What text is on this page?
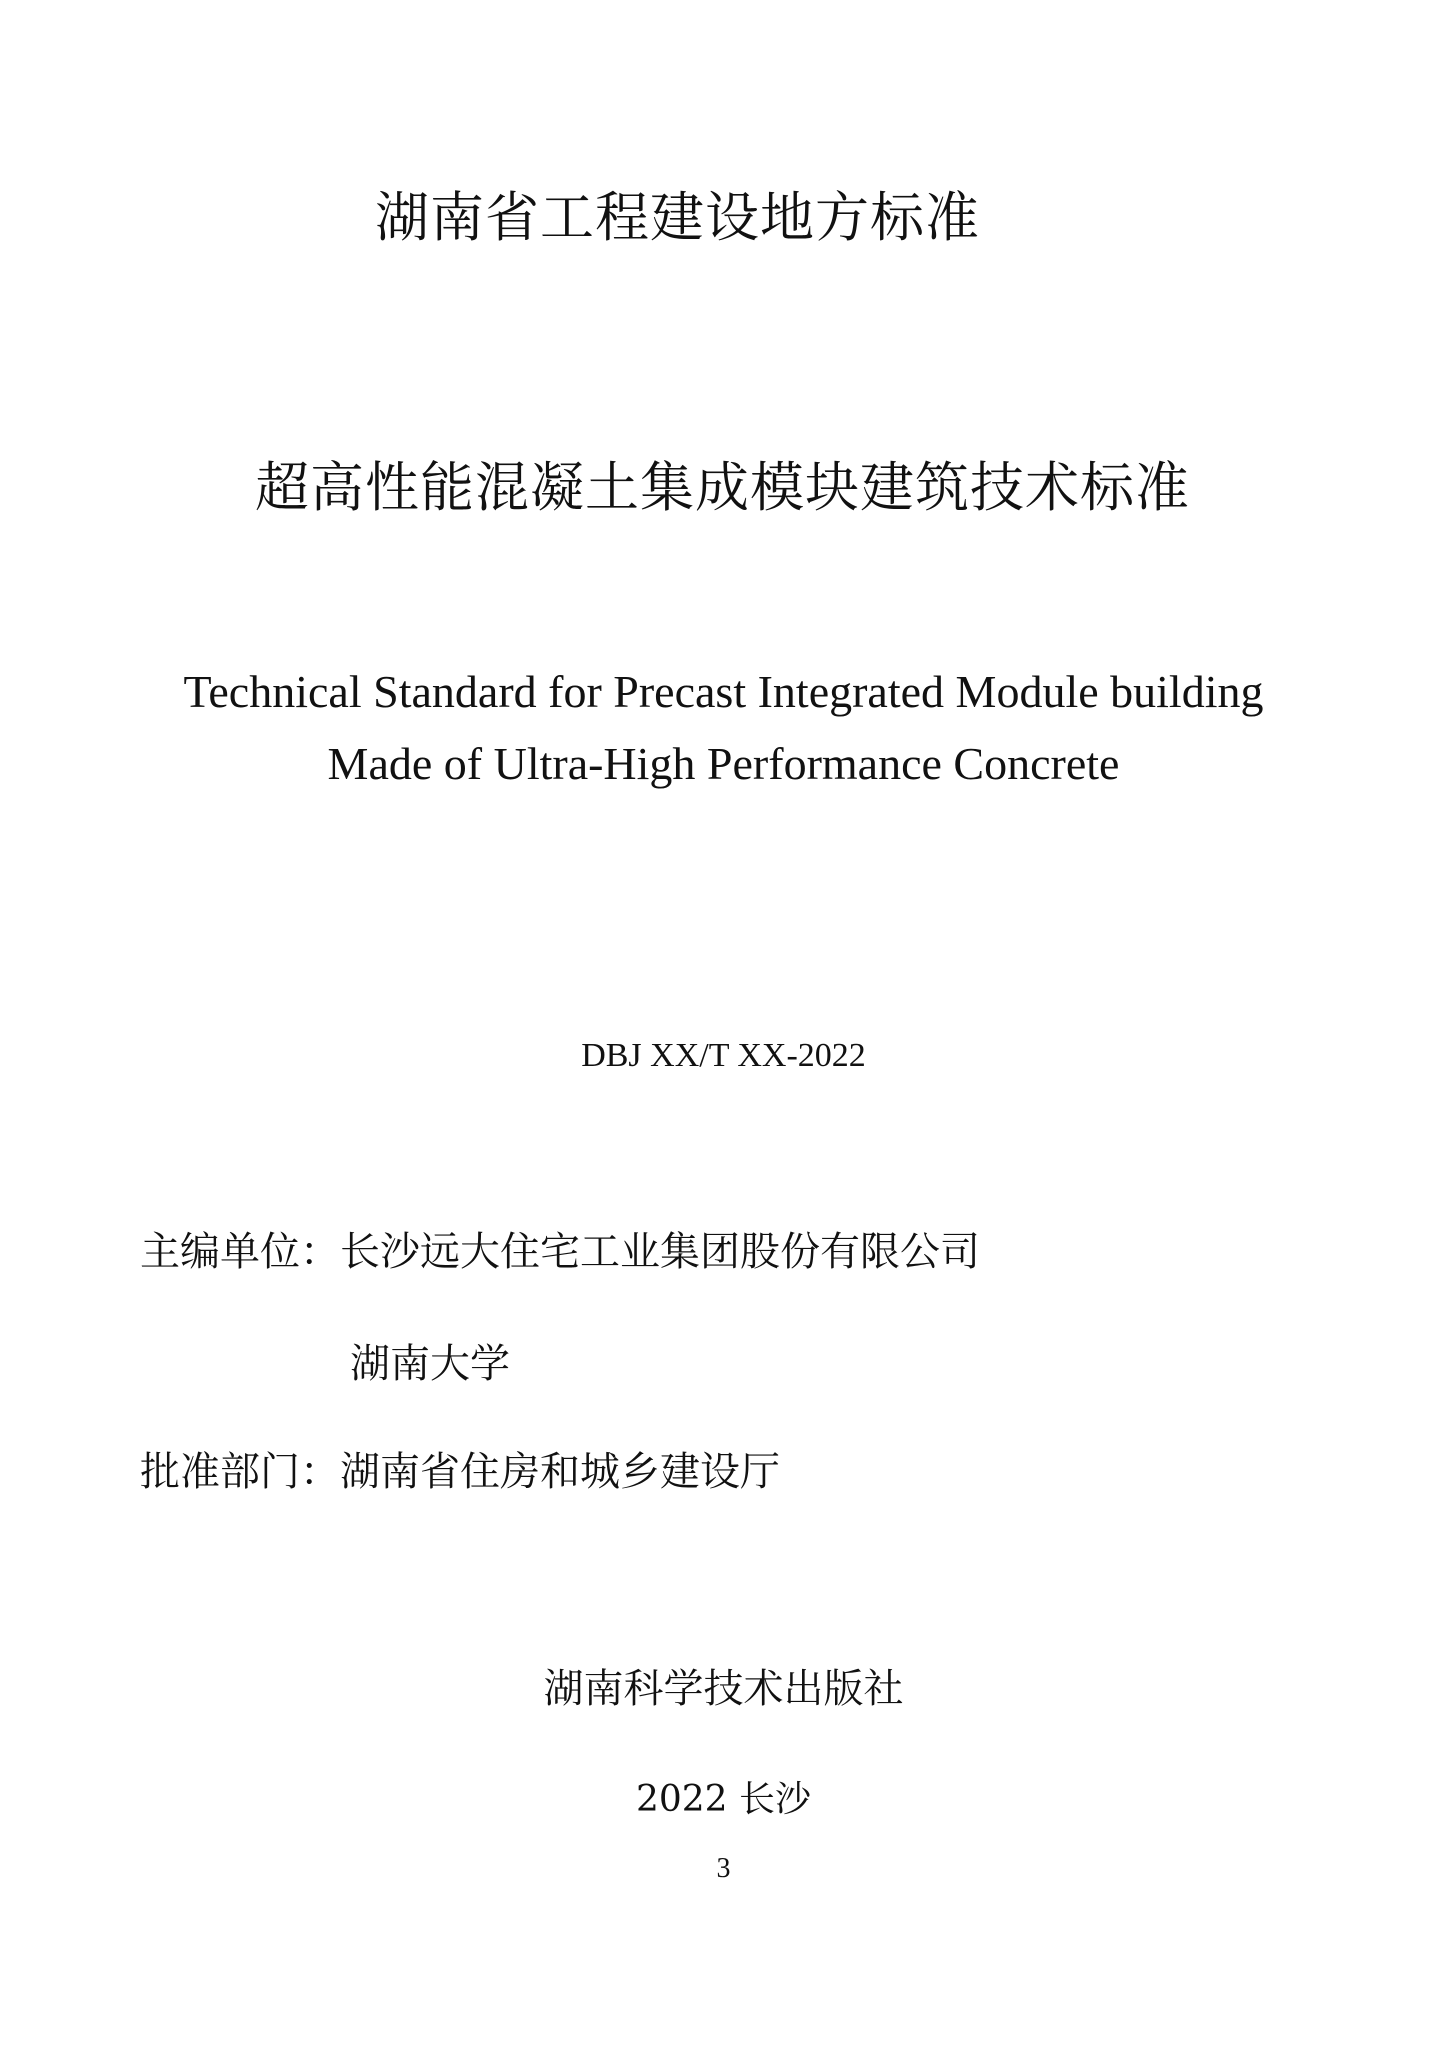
湖南省工程建设地方标准
超高性能混凝土集成模块建筑技术标准
Technical Standard for Precast Integrated Module building
Made of Ultra-High Performance Concrete
DBJ XX/T XX-2022
主编单位：长沙远大住宅工业集团股份有限公司
湖南大学
批准部门：湖南省住房和城乡建设厅
湖南科学技术出版社
2022 长沙
3
